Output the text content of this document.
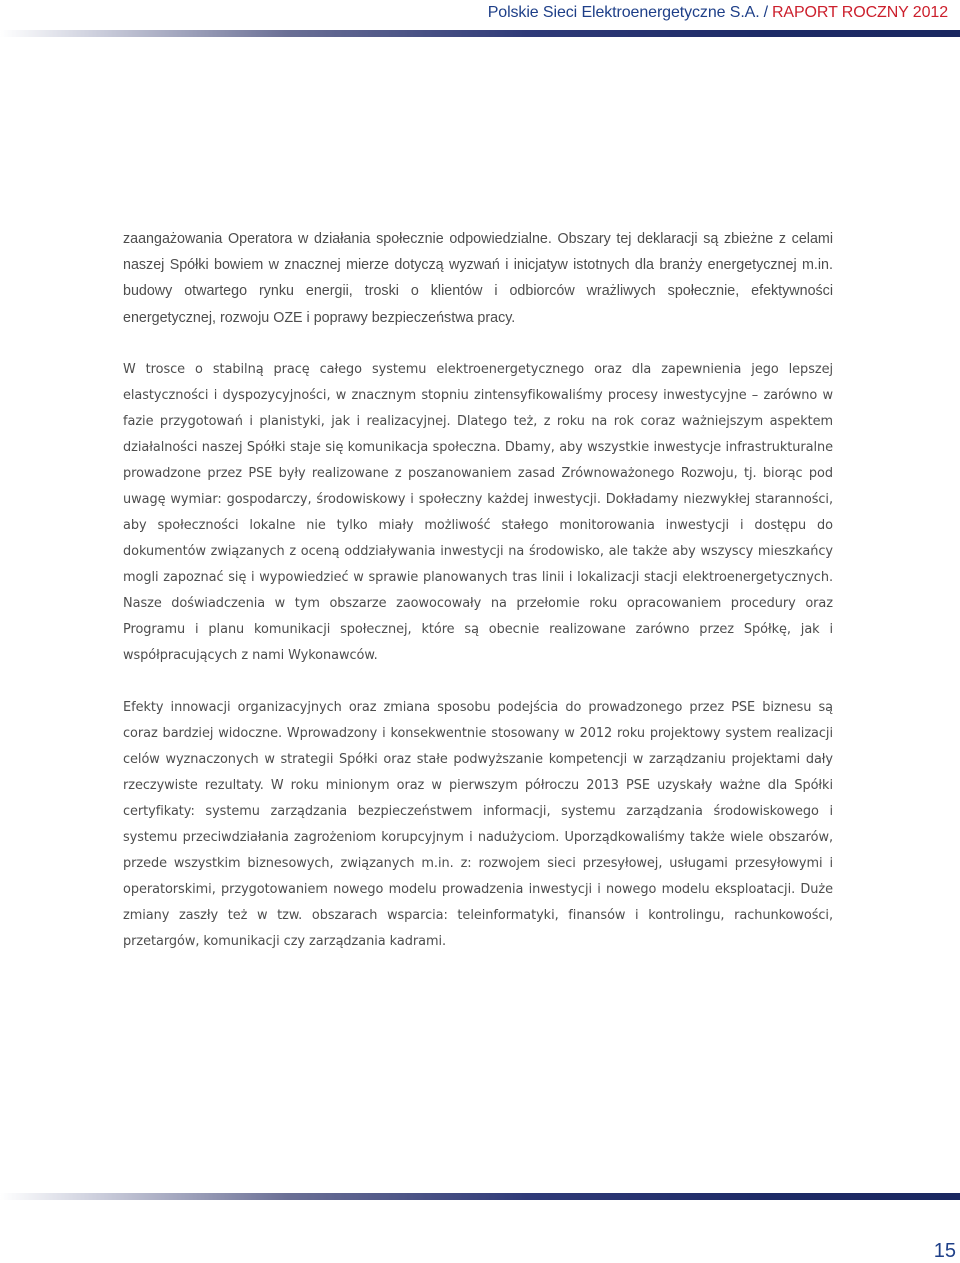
Polskie Sieci Elektroenergetyczne S.A. / RAPORT ROCZNY 2012

zaangażowania Operatora w działania społecznie odpowiedzialne. Obszary tej deklaracji są zbieżne z celami naszej Spółki bowiem w znacznej mierze dotyczą wyzwań i inicjatyw istotnych dla branży energetycznej m.in. budowy otwartego rynku energii, troski o klientów i odbiorców wrażliwych społecznie, efektywności energetycznej, rozwoju OZE i poprawy bezpieczeństwa pracy.

W trosce o stabilną pracę całego systemu elektroenergetycznego oraz dla zapewnienia jego lepszej elastyczności i dyspozycyjności, w znacznym stopniu zintensyfikowaliśmy procesy inwestycyjne – zarówno w fazie przygotowań i planistyki, jak i realizacyjnej. Dlatego też, z roku na rok coraz ważniejszym aspektem działalności naszej Spółki staje się komunikacja społeczna. Dbamy, aby wszystkie inwestycje infrastrukturalne prowadzone przez PSE były realizowane z poszanowaniem zasad Zrównoważonego Rozwoju, tj. biorąc pod uwagę wymiar: gospodarczy, środowiskowy i społeczny każdej inwestycji. Dokładamy niezwykłej staranności, aby społeczności lokalne nie tylko miały możliwość stałego monitorowania inwestycji i dostępu do dokumentów związanych z oceną oddziaływania inwestycji na środowisko, ale także aby wszyscy mieszkańcy mogli zapoznać się i wypowiedzieć w sprawie planowanych tras linii i lokalizacji stacji elektroenergetycznych. Nasze doświadczenia w tym obszarze zaowocowały na przełomie roku opracowaniem procedury oraz Programu i planu komunikacji społecznej, które są obecnie realizowane zarówno przez Spółkę, jak i współpracujących z nami Wykonawców.

Efekty innowacji organizacyjnych oraz zmiana sposobu podejścia do prowadzonego przez PSE biznesu są coraz bardziej widoczne. Wprowadzony i konsekwentnie stosowany w 2012 roku projektowy system realizacji celów wyznaczonych w strategii Spółki oraz stałe podwyższanie kompetencji w zarządzaniu projektami dały rzeczywiste rezultaty. W roku minionym oraz w pierwszym półroczu 2013 PSE uzyskały ważne dla Spółki certyfikaty: systemu zarządzania bezpieczeństwem informacji, systemu zarządzania środowiskowego i systemu przeciwdziałania zagrożeniom korupcyjnym i nadużyciom. Uporządkowaliśmy także wiele obszarów, przede wszystkim biznesowych, związanych m.in. z: rozwojem sieci przesyłowej, usługami przesyłowymi i operatorskimi, przygotowaniem nowego modelu prowadzenia inwestycji i nowego modelu eksploatacji. Duże zmiany zaszły też w tzw. obszarach wsparcia: teleinformatyki, finansów i kontrolingu, rachunkowości, przetargów, komunikacji czy zarządzania kadrami.

15
